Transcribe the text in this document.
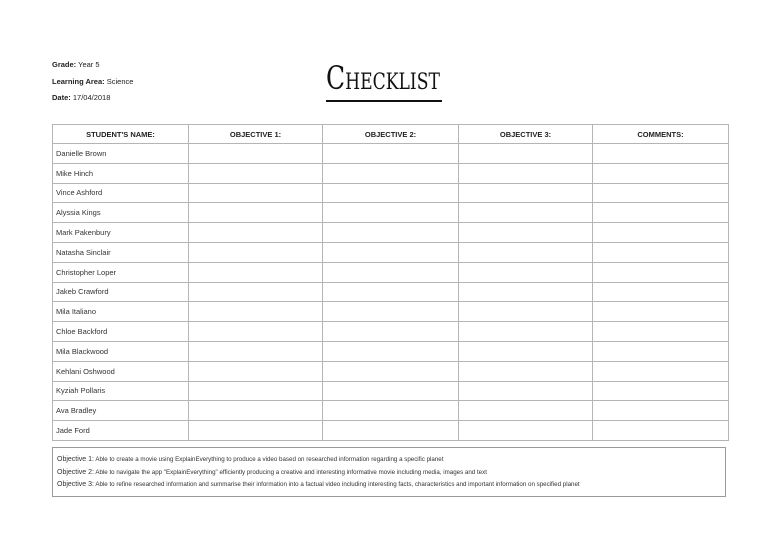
Grade: Year 5
Learning Area: Science
Date: 17/04/2018
Checklist
STUDENT'S NAME:	OBJECTIVE 1:	OBJECTIVE 2:	OBJECTIVE 3:	COMMENTS:
Danielle Brown				
Mike Hinch				
Vince Ashford				
Alyssia Kings				
Mark Pakenbury				
Natasha Sinclair				
Christopher Loper				
Jakeb Crawford				
Mila Italiano				
Chloe Backford				
Mila Blackwood				
Kehlani Oshwood				
Kyziah Pollaris				
Ava Bradley				
Jade Ford				
Objective 1: Able to create a movie using ExplainEverything to produce a video based on researched information regarding a specific planet
Objective 2: Able to navigate the app "ExplainEverything" efficiently producing a creative and interesting informative movie including media, images and text
Objective 3: Able to refine researched information and summarise their information into a factual video including interesting facts, characteristics and important information on specified planet
